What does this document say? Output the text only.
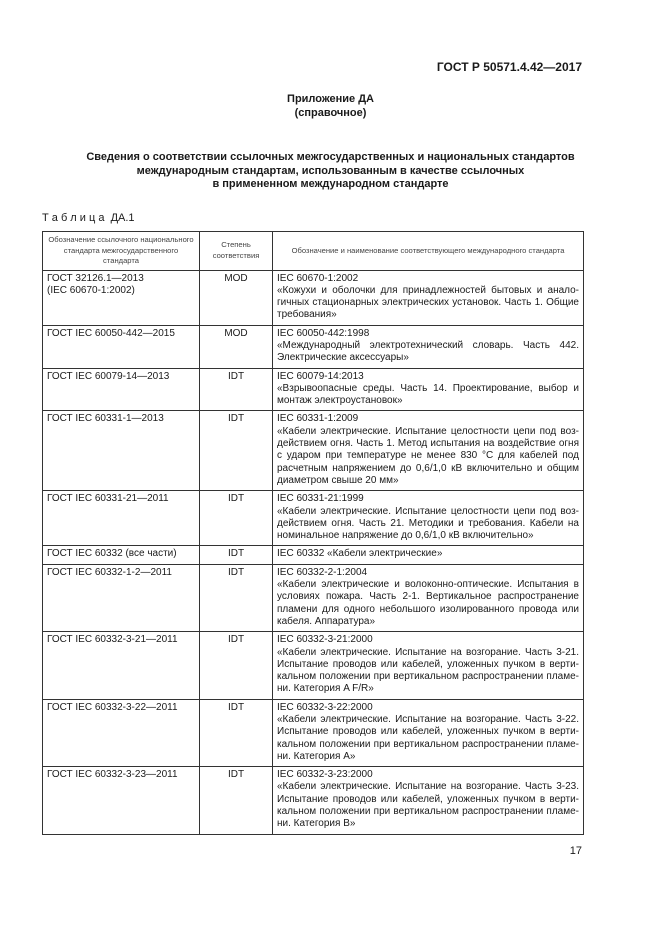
ГОСТ Р 50571.4.42—2017
Приложение ДА
(справочное)
Сведения о соответствии ссылочных межгосударственных и национальных стандартов
международным стандартам, использованным в качестве ссылочных
в примененном международном стандарте
Т а б л и ц а  ДА.1
Обозначение ссылочного национального стандарта межгосударственного стандарта	Степень соответствия	Обозначение и наименование соответствующего международного стандарта
ГОСТ 32126.1—2013
(IEC 60670-1:2002)	MOD	IEC 60670-1:2002
«Кожухи и оболочки для принадлежностей бытовых и анало-гичных стационарных электрических установок. Часть 1. Общие требования»
ГОСТ IEC 60050-442—2015	MOD	IEC 60050-442:1998
«Международный электротехнический словарь. Часть 442. Электрические аксессуары»
ГОСТ IEC 60079-14—2013	IDT	IEC 60079-14:2013
«Взрывоопасные среды. Часть 14. Проектирование, выбор и монтаж электроустановок»
ГОСТ IEC 60331-1—2013	IDT	IEC 60331-1:2009
«Кабели электрические. Испытание целостности цепи под воз-действием огня. Часть 1. Метод испытания на воздействие огня с ударом при температуре не менее 830 °С для кабелей под расчетным напряжением до 0,6/1,0 кВ включительно и общим диаметром свыше 20 мм»
ГОСТ IEC 60331-21—2011	IDT	IEC 60331-21:1999
«Кабели электрические. Испытание целостности цепи под воз-действием огня. Часть 21. Методики и требования. Кабели на номинальное напряжение до 0,6/1,0 кВ включительно»
ГОСТ IEC 60332 (все части)	IDT	IEC 60332 «Кабели электрические»
ГОСТ IEC 60332-1-2—2011	IDT	IEC 60332-2-1:2004
«Кабели электрические и волоконно-оптические. Испытания в условиях пожара. Часть 2-1. Вертикальное распространение пламени для одного небольшого изолированного провода или кабеля. Аппаратура»
ГОСТ IEC 60332-3-21—2011	IDT	IEC 60332-3-21:2000
«Кабели электрические. Испытание на возгорание. Часть 3-21. Испытание проводов или кабелей, уложенных пучком в верти-кальном положении при вертикальном распространении пламе-ни. Категория A F/R»
ГОСТ IEC 60332-3-22—2011	IDT	IEC 60332-3-22:2000
«Кабели электрические. Испытание на возгорание. Часть 3-22. Испытание проводов или кабелей, уложенных пучком в верти-кальном положении при вертикальном распространении пламе-ни. Категория A»
ГОСТ IEC 60332-3-23—2011	IDT	IEC 60332-3-23:2000
«Кабели электрические. Испытание на возгорание. Часть 3-23. Испытание проводов или кабелей, уложенных пучком в верти-кальном положении при вертикальном распространении пламе-ни. Категория B»
17
